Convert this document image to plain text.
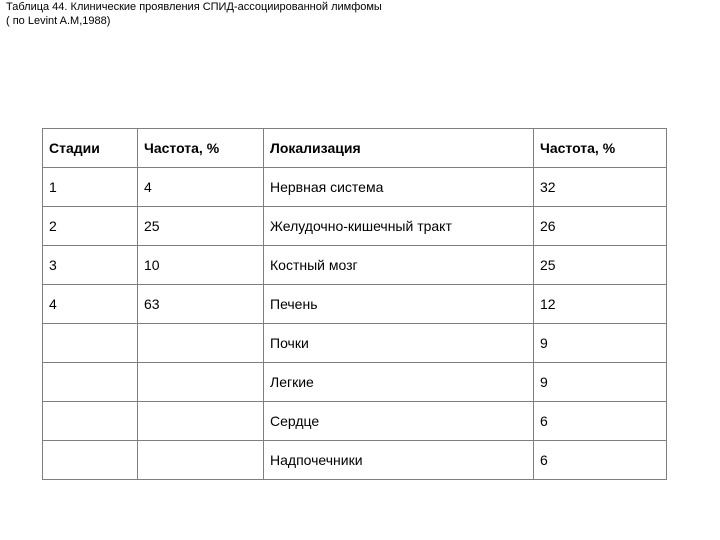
Таблица 44. Клинические проявления СПИД-ассоциированной лимфомы
( по Levint A.M,1988)
Стадии	Частота, %	Локализация	Частота, %
1	4	Нервная система	32
2	25	Желудочно-кишечный тракт	26
3	10	Костный мозг	25
4	63	Печень	12
		Почки	9
		Легкие	9
		Сердце	6
		Надпочечники	6
